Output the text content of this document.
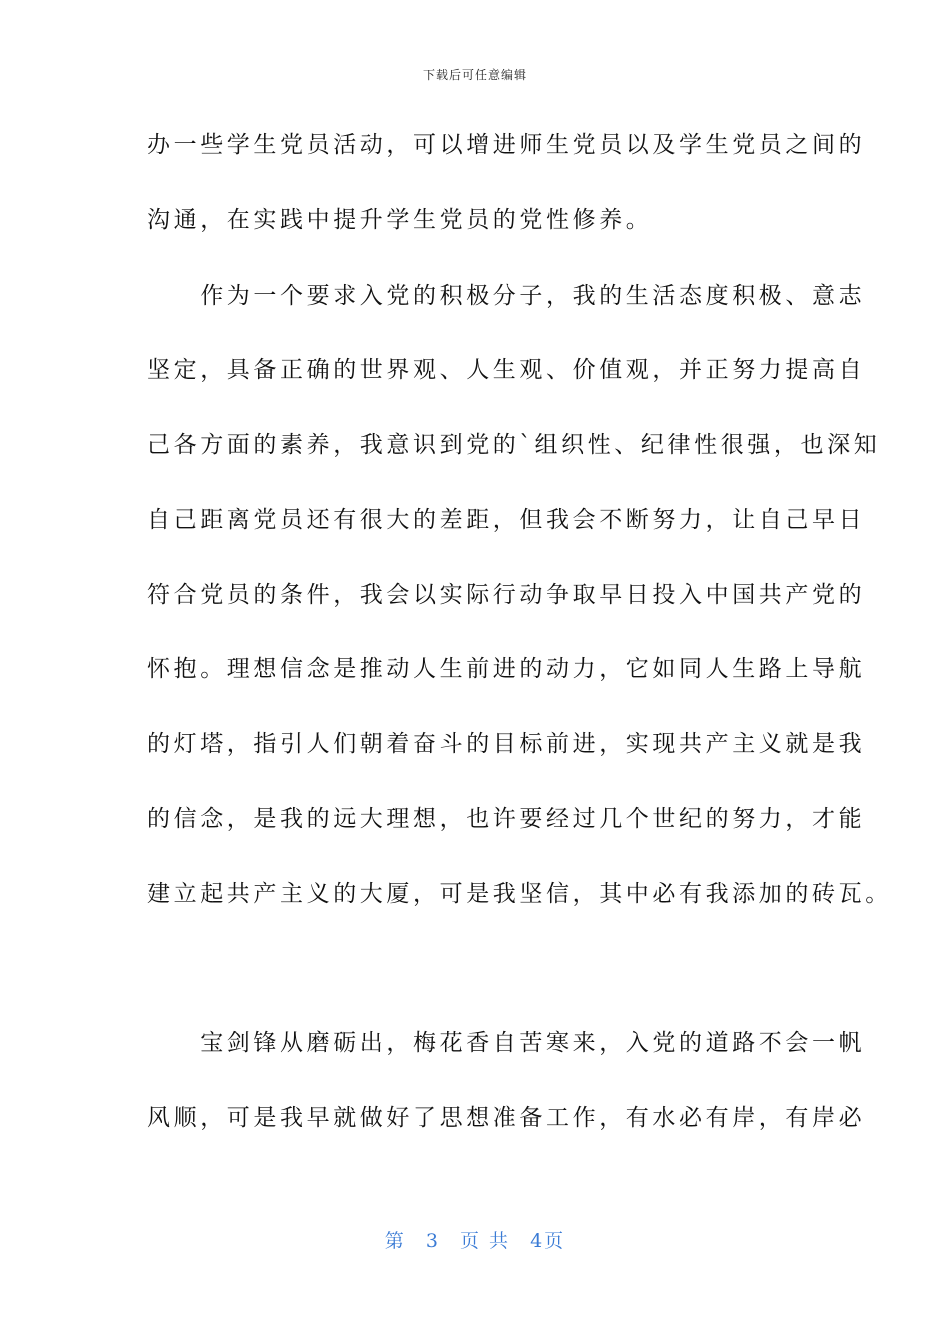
下载后可任意编辑
办一些学生党员活动，可以增进师生党员以及学生党员之间的
沟通，在实践中提升学生党员的党性修养。
　　作为一个要求入党的积极分子，我的生活态度积极、意志
坚定，具备正确的世界观、人生观、价值观，并正努力提高自
己各方面的素养，我意识到党的`组织性、纪律性很强，也深知
自己距离党员还有很大的差距，但我会不断努力，让自己早日
符合党员的条件，我会以实际行动争取早日投入中国共产党的
怀抱。理想信念是推动人生前进的动力，它如同人生路上导航
的灯塔，指引人们朝着奋斗的目标前进，实现共产主义就是我
的信念，是我的远大理想，也许要经过几个世纪的努力，才能
建立起共产主义的大厦，可是我坚信，其中必有我添加的砖瓦。
　　宝剑锋从磨砺出，梅花香自苦寒来，入党的道路不会一帆
风顺，可是我早就做好了思想准备工作，有水必有岸，有岸必
第 3 页 共 4页
